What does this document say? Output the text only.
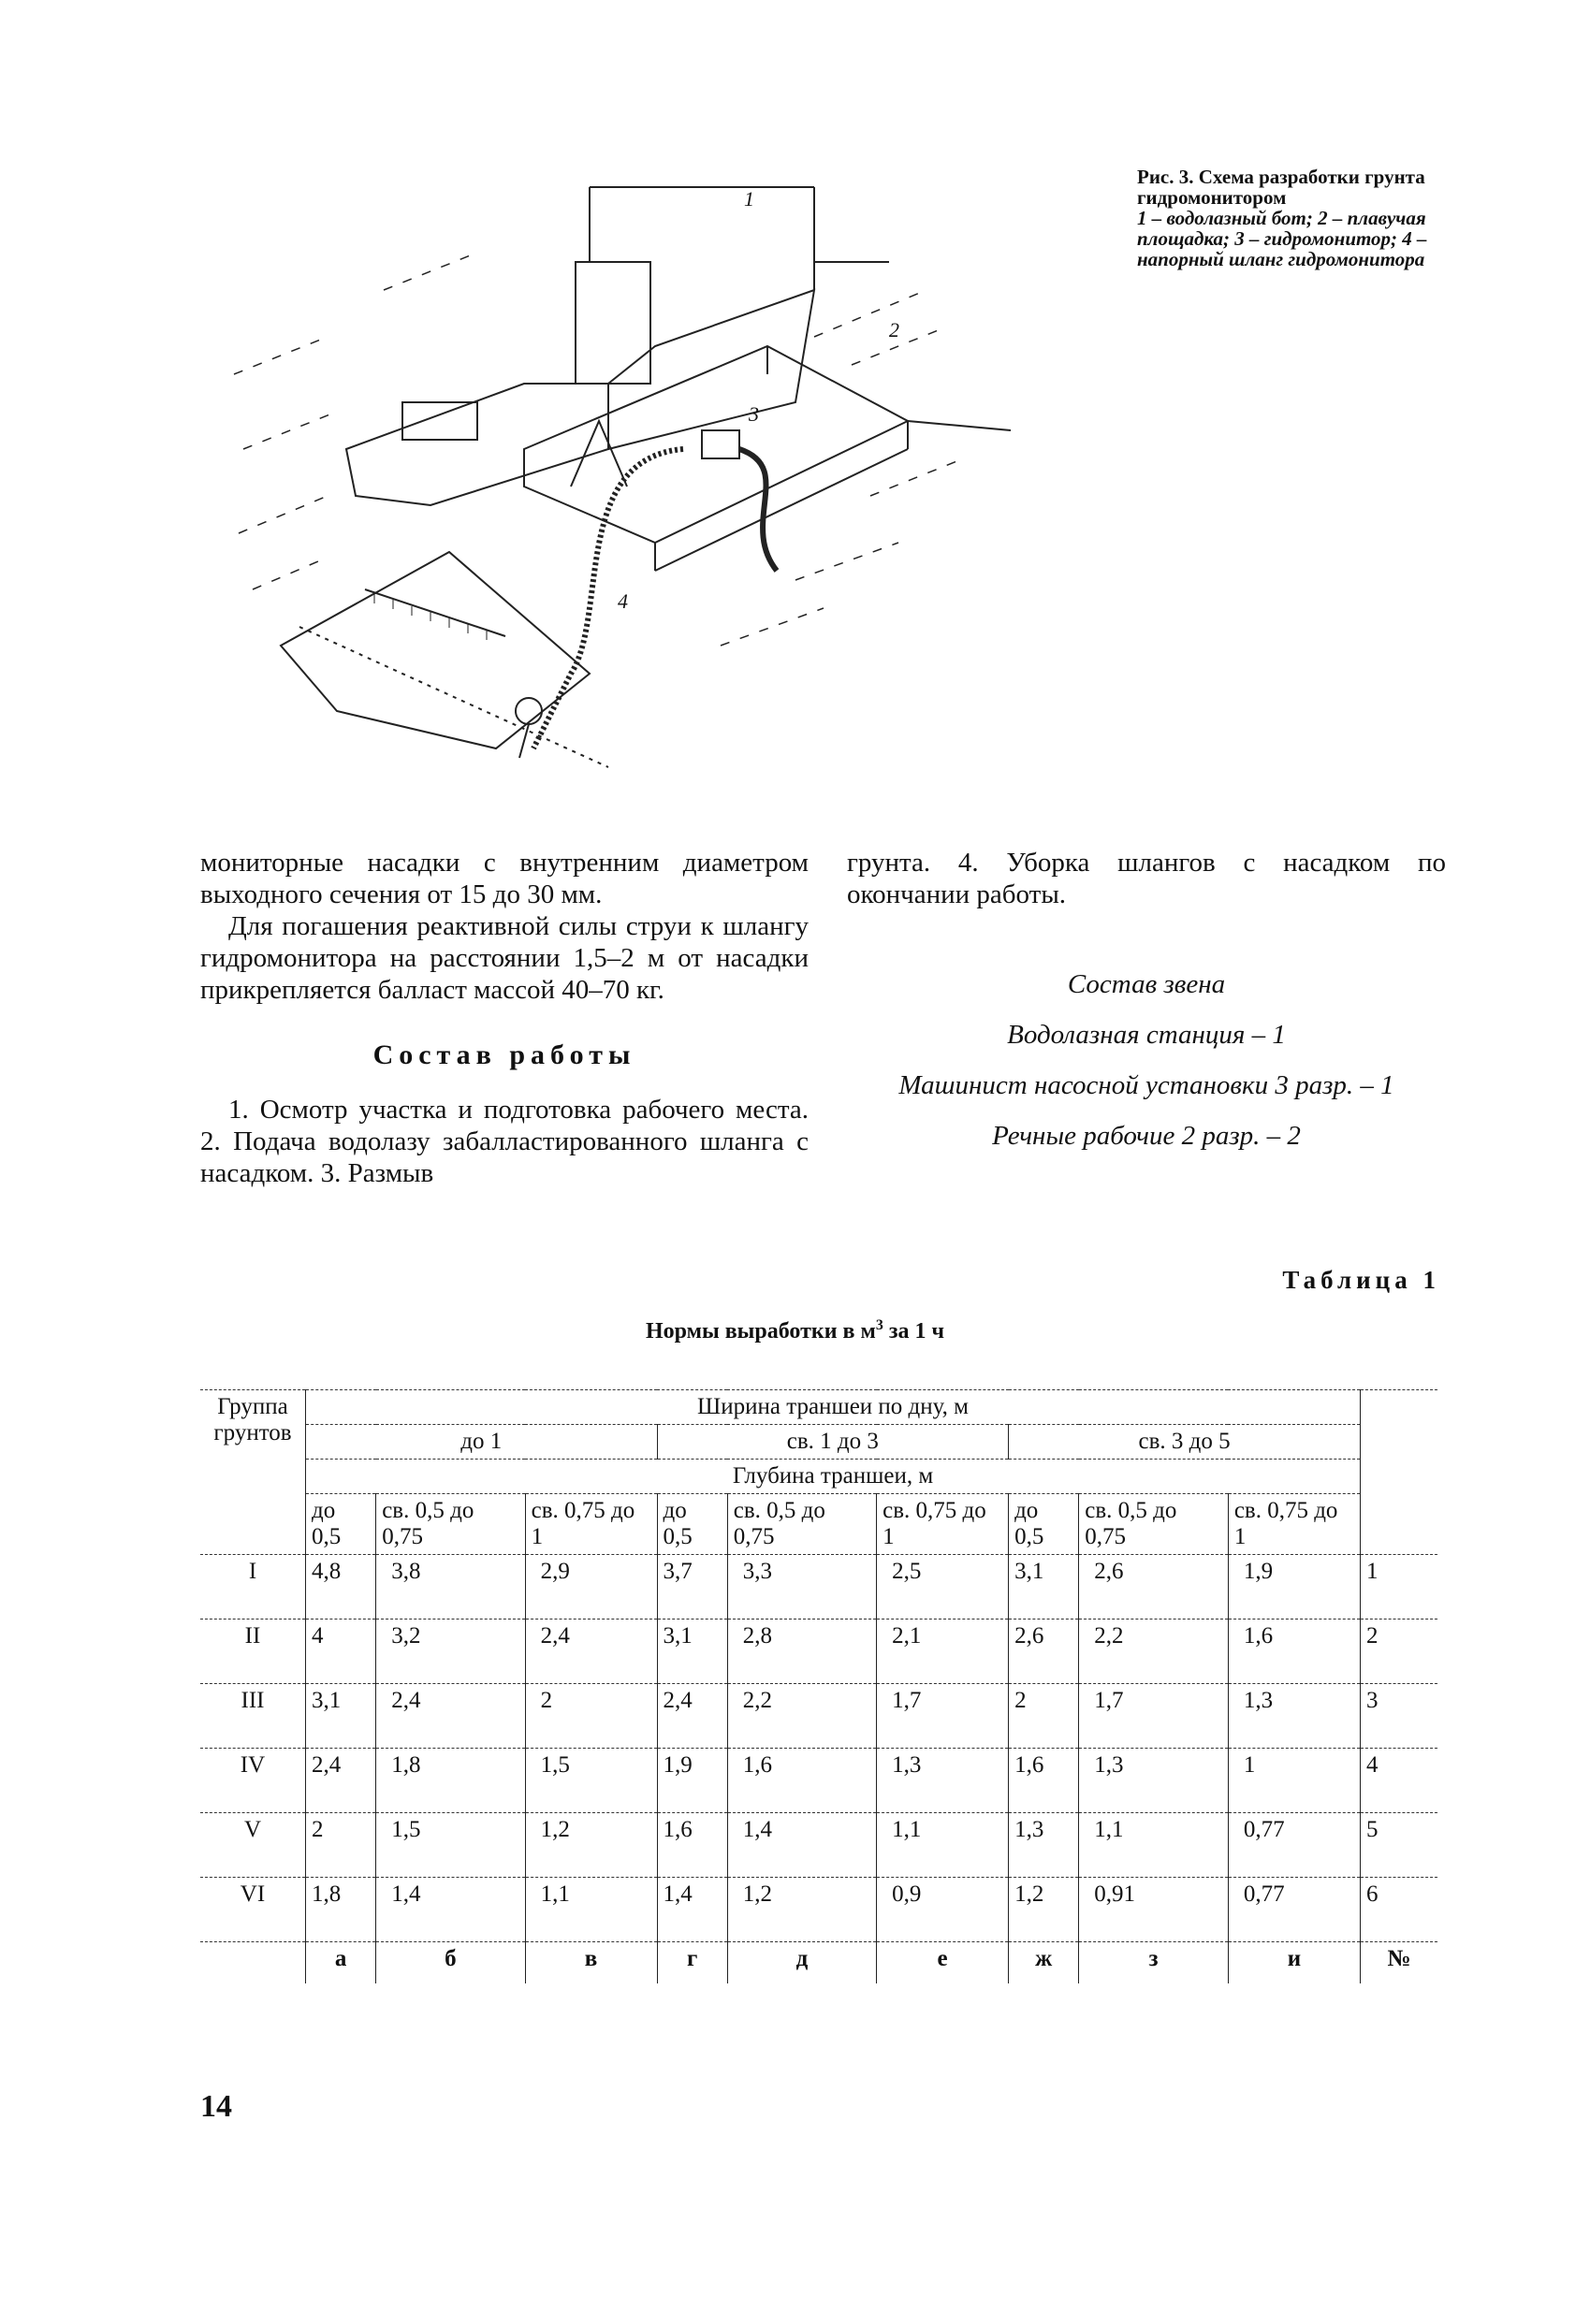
1
2
3
4
Рис. 3. Схема разработки грунта гидромонитором
1 – водолазный бот; 2 – плавучая площадка; 3 – гидромонитор; 4 – напорный шланг гидромонитора

мониторные насадки с внутренним диаметром выходного сечения от 15 до 30 мм.

Для погашения реактивной силы струи к шлангу гидромонитора на расстоянии 1,5–2 м от насадки прикрепляется балласт массой 40–70 кг.

Состав работы

1. Осмотр участка и подготовка рабочего места. 2. Подача водолазу забалластированного шланга с насадком. 3. Размыв

грунта. 4. Уборка шлангов с насадком по окончании работы.

Состав звена
Водолазная станция – 1
Машинист насосной установки 3 разр. – 1
Речные рабочие 2 разр. – 2
Таблица 1
Нормы выработки в $м^3$ за 1 ч
Группа грунтов	Ширина траншеи по дну, м									
	до 1			св. 1 до 3			св. 3 до 5			
	Глубина траншеи, м									
	до 0,5	св. 0,5 до 0,75	св. 0,75 до 1	до 0,5	св. 0,5 до 0,75	св. 0,75 до 1	до 0,5	св. 0,5 до 0,75	св. 0,75 до 1	
I	4,8	3,8	2,9	3,7	3,3	2,5	3,1	2,6	1,9	1
II	4	3,2	2,4	3,1	2,8	2,1	2,6	2,2	1,6	2
III	3,1	2,4	2	2,4	2,2	1,7	2	1,7	1,3	3
IV	2,4	1,8	1,5	1,9	1,6	1,3	1,6	1,3	1	4
V	2	1,5	1,2	1,6	1,4	1,1	1,3	1,1	0,77	5
VI	1,8	1,4	1,1	1,4	1,2	0,9	1,2	0,91	0,77	6
	а	б	в	г	д	е	ж	з	и	№
14
